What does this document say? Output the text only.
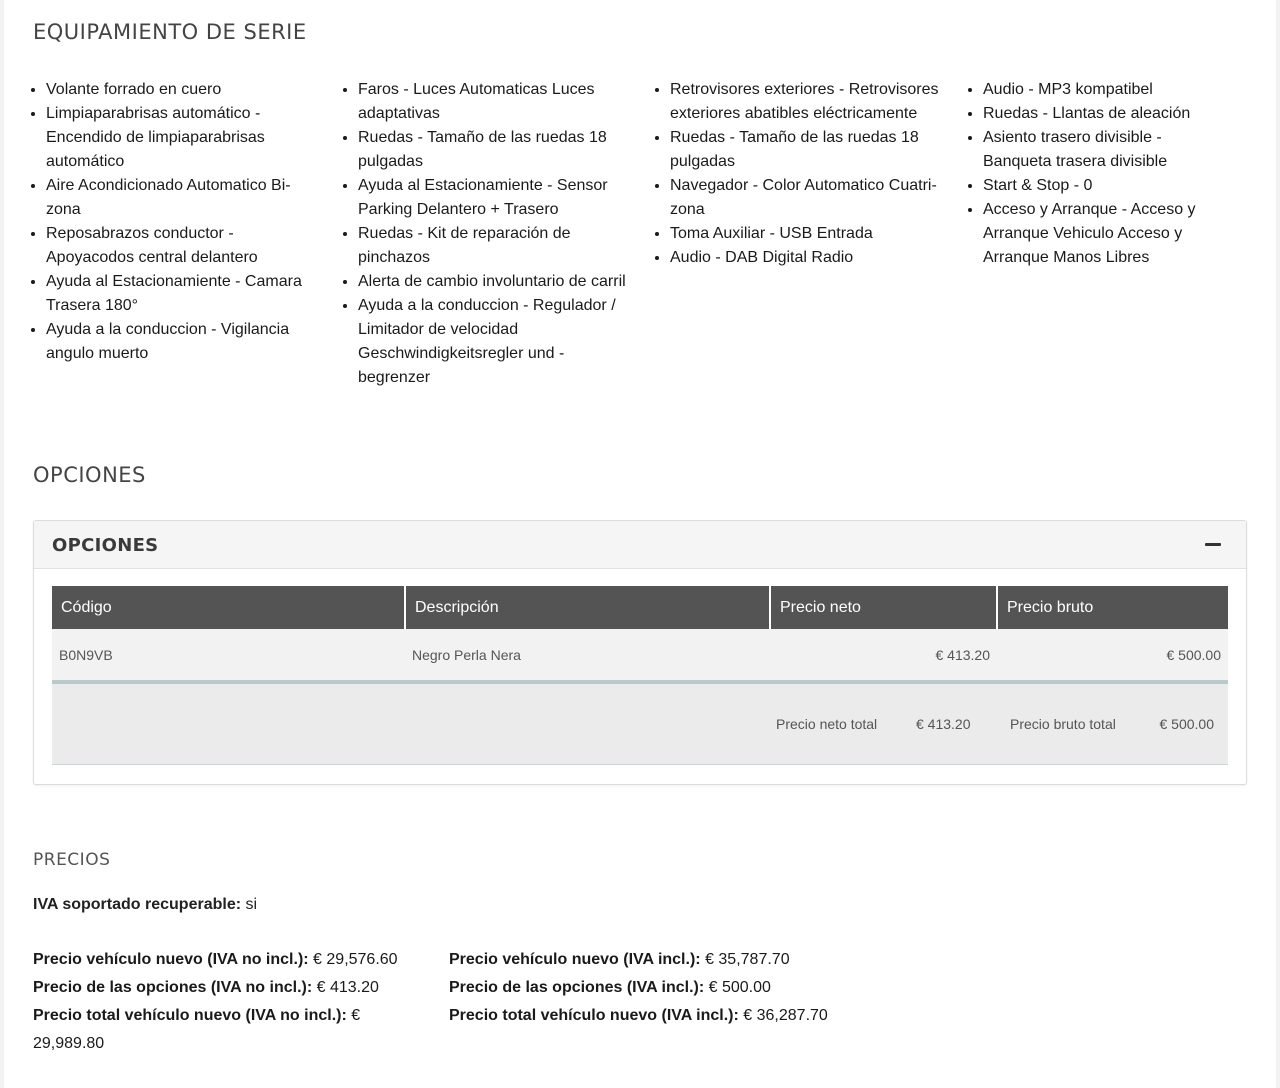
EQUIPAMIENTO DE SERIE
• Volante forrado en cuero
• Limpiaparabrisas automático - Encendido de limpiaparabrisas automático
• Aire Acondicionado Automatico Bi-zona
• Reposabrazos conductor - Apoyacodos central delantero
• Ayuda al Estacionamiente - Camara Trasera 180°
• Ayuda a la conduccion - Vigilancia angulo muerto
• Faros - Luces Automaticas Luces adaptativas
• Ruedas - Tamaño de las ruedas 18 pulgadas
• Ayuda al Estacionamiente - Sensor Parking Delantero + Trasero
• Ruedas - Kit de reparación de pinchazos
• Alerta de cambio involuntario de carril
• Ayuda a la conduccion - Regulador / Limitador de velocidad Geschwindigkeitsregler und -begrenzer
• Retrovisores exteriores - Retrovisores exteriores abatibles eléctricamente
• Ruedas - Tamaño de las ruedas 18 pulgadas
• Navegador - Color Automatico Cuatri-zona
• Toma Auxiliar - USB Entrada
• Audio - DAB Digital Radio
• Audio - MP3 kompatibel
• Ruedas - Llantas de aleación
• Asiento trasero divisible - Banqueta trasera divisible
• Start & Stop - 0
• Acceso y Arranque - Acceso y Arranque Vehiculo Acceso y Arranque Manos Libres
OPCIONES
OPCIONES
Código	Descripción	Precio neto	Precio bruto
B0N9VB	Negro Perla Nera	€ 413.20	€ 500.00

Precio neto total € 413.20 Precio bruto total € 500.00			
PRECIOS
IVA soportado recuperable: si
Precio vehículo nuevo (IVA no incl.): € 29,576.60
Precio de las opciones (IVA no incl.): € 413.20
Precio total vehículo nuevo (IVA no incl.): € 29,989.80
Precio vehículo nuevo (IVA incl.): € 35,787.70
Precio de las opciones (IVA incl.): € 500.00
Precio total vehículo nuevo (IVA incl.): € 36,287.70
